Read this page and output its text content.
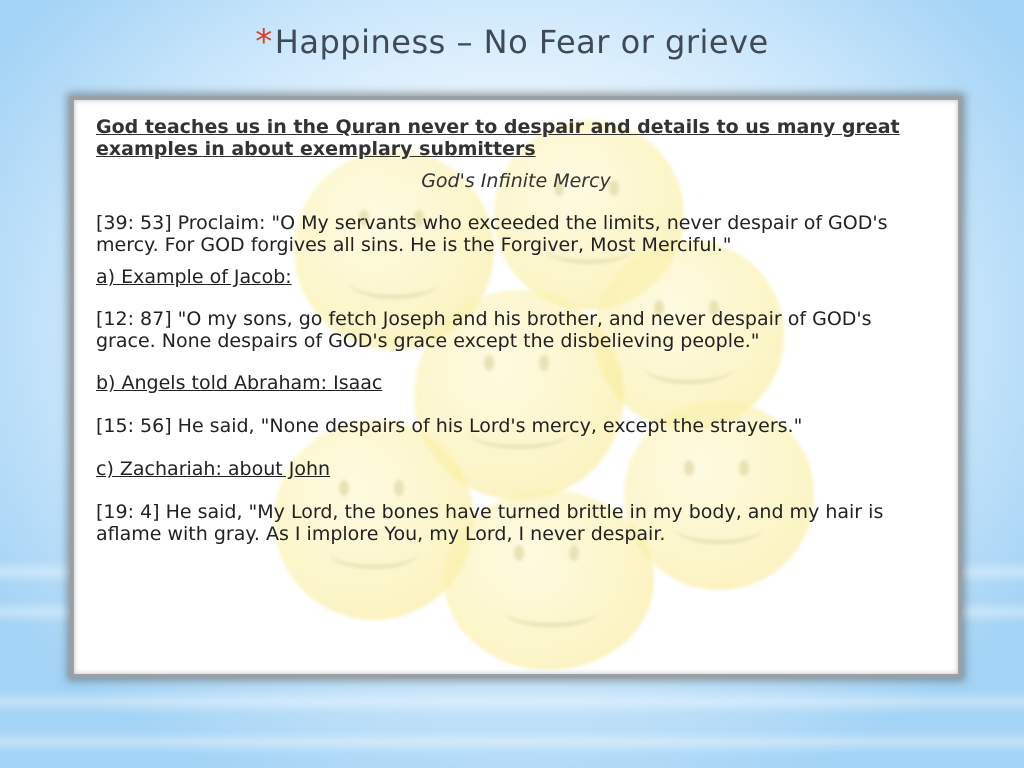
*Happiness – No Fear or grieve

God teaches us in the Quran never to despair and details to us many great examples in about exemplary submitters

God's Infinite Mercy

[39: 53] Proclaim: "O My servants who exceeded the limits, never despair of GOD's mercy. For GOD forgives all sins. He is the Forgiver, Most Merciful."

a) Example of Jacob:

[12: 87] "O my sons, go fetch Joseph and his brother, and never despair of GOD's grace. None despairs of GOD's grace except the disbelieving people."

b) Angels told Abraham: Isaac

[15: 56] He said, "None despairs of his Lord's mercy, except the strayers."

c) Zachariah: about John

[19: 4] He said, "My Lord, the bones have turned brittle in my body, and my hair is aflame with gray. As I implore You, my Lord, I never despair.
